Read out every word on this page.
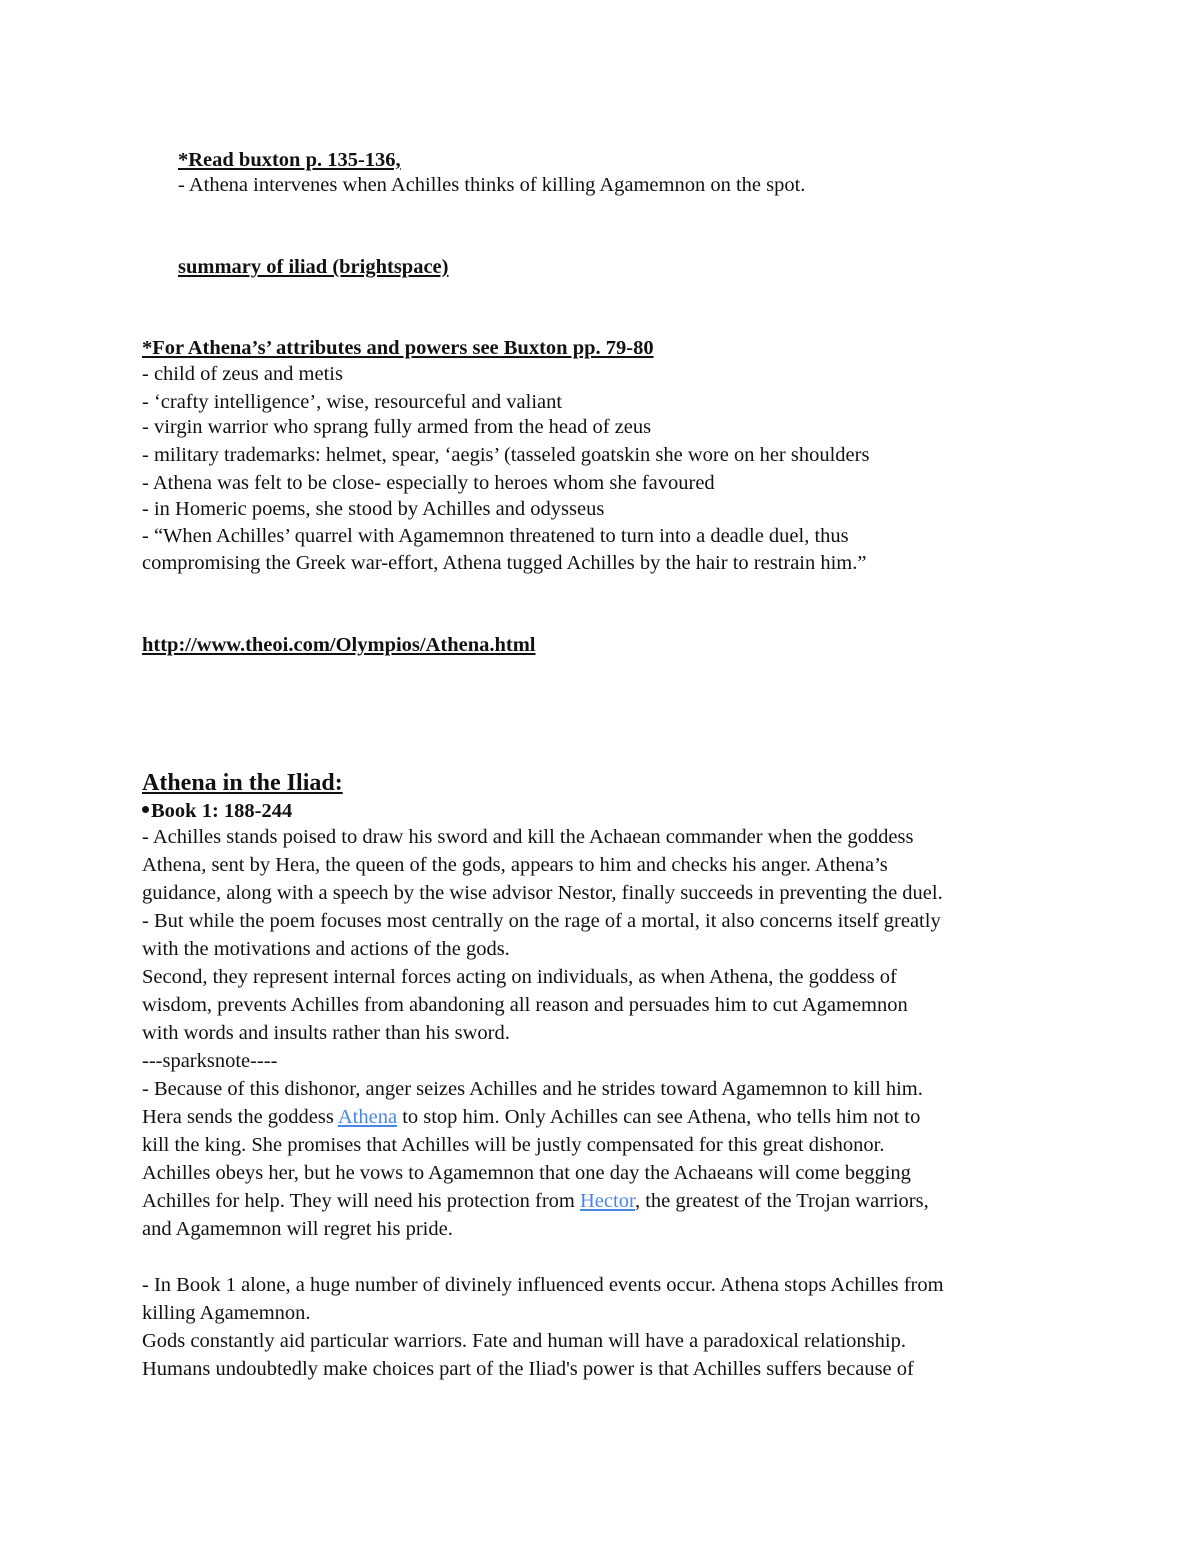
*Read buxton p. 135-136,

- Athena intervenes when Achilles thinks of killing Agamemnon on the spot.

summary of iliad (brightspace)

*For Athena’s’ attributes and powers see Buxton pp. 79-80

- child of zeus and metis

- ‘crafty intelligence’, wise, resourceful and valiant

- virgin warrior who sprang fully armed from the head of zeus

- military trademarks: helmet, spear, ‘aegis’ (tasseled goatskin she wore on her shoulders

- Athena was felt to be close- especially to heroes whom she favoured

- in Homeric poems, she stood by Achilles and odysseus

- “When Achilles’ quarrel with Agamemnon threatened to turn into a deadle duel, thus

compromising the Greek war-effort, Athena tugged Achilles by the hair to restrain him.”

http://www.theoi.com/Olympios/Athena.html

Athena in the Iliad:

Book 1: 188-244

- Achilles stands poised to draw his sword and kill the Achaean commander when the goddess

Athena, sent by Hera, the queen of the gods, appears to him and checks his anger. Athena’s

guidance, along with a speech by the wise advisor Nestor, finally succeeds in preventing the duel.

- But while the poem focuses most centrally on the rage of a mortal, it also concerns itself greatly

with the motivations and actions of the gods.

Second, they represent internal forces acting on individuals, as when Athena, the goddess of

wisdom, prevents Achilles from abandoning all reason and persuades him to cut Agamemnon

with words and insults rather than his sword.

---sparksnote----

- Because of this dishonor, anger seizes Achilles and he strides toward Agamemnon to kill him.

Hera sends the goddess Athena to stop him. Only Achilles can see Athena, who tells him not to

kill the king. She promises that Achilles will be justly compensated for this great dishonor.

Achilles obeys her, but he vows to Agamemnon that one day the Achaeans will come begging

Achilles for help. They will need his protection from Hector, the greatest of the Trojan warriors,

and Agamemnon will regret his pride.

- In Book 1 alone, a huge number of divinely influenced events occur. Athena stops Achilles from

killing Agamemnon.

Gods constantly aid particular warriors. Fate and human will have a paradoxical relationship.

Humans undoubtedly make choices part of the Iliad's power is that Achilles suffers because of
